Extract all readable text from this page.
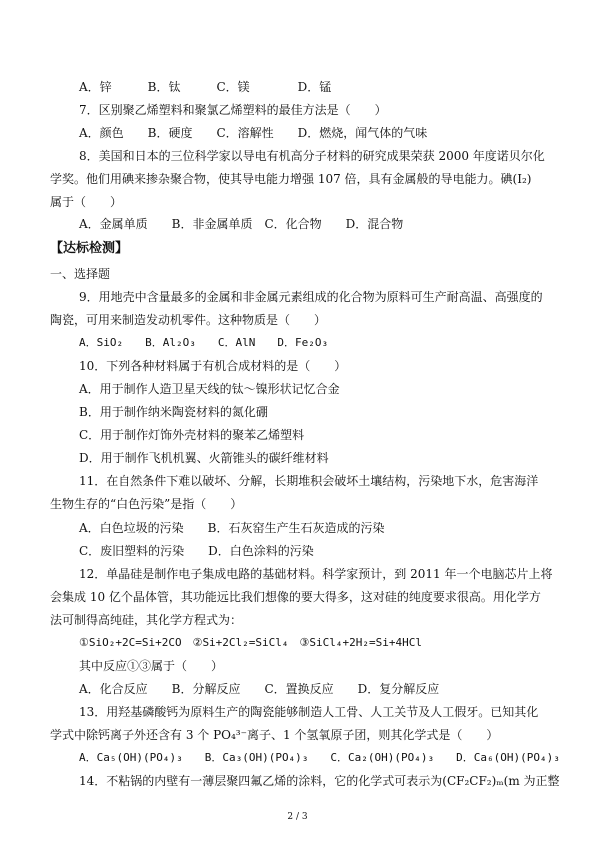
A．锌　　　B．钛　　　C．镁　　　　D．锰
7．区别聚乙烯塑料和聚氯乙烯塑料的最佳方法是（　　）
A．颜色　　B．硬度　　C．溶解性　　D．燃烧，闻气体的气味
8．美国和日本的三位科学家以导电有机高分子材料的研究成果荣获 2000 年度诺贝尔化
学奖。他们用碘来掺杂聚合物，使其导电能力增强 107 倍，具有金属般的导电能力。碘(I₂)
属于（　　）
A．金属单质　　B．非金属单质　C．化合物　　D．混合物
【达标检测】
一、选择题
9．用地壳中含量最多的金属和非金属元素组成的化合物为原料可生产耐高温、高强度的
陶瓷，可用来制造发动机零件。这种物质是（　　）
A．SiO₂　　B．Al₂O₃　　C．AlN　　D．Fe₂O₃
10．下列各种材料属于有机合成材料的是（　　）
A．用于制作人造卫星天线的钛～镍形状记忆合金
B．用于制作纳米陶瓷材料的氮化硼
C．用于制作灯饰外壳材料的聚苯乙烯塑料
D．用于制作飞机机翼、火箭锥头的碳纤维材料
11．在自然条件下难以破坏、分解，长期堆积会破坏土壤结构，污染地下水，危害海洋
生物生存的“白色污染”是指（　　）
A．白色垃圾的污染　　B．石灰窑生产生石灰造成的污染
C．废旧塑料的污染　　D．白色涂料的污染
12．单晶硅是制作电子集成电路的基础材料。科学家预计，到 2011 年一个电脑芯片上将
会集成 10 亿个晶体管，其功能远比我们想像的要大得多，这对硅的纯度要求很高。用化学方
法可制得高纯硅，其化学方程式为：
①SiO₂+2C=Si+2CO　②Si+2Cl₂=SiCl₄　③SiCl₄+2H₂=Si+4HCl
其中反应①③属于（　　）
A．化合反应　　B．分解反应　　C．置换反应　　D．复分解反应
13．用羟基磷酸钙为原料生产的陶瓷能够制造人工骨、人工关节及人工假牙。已知其化
学式中除钙离子外还含有 3 个 PO₄³⁻离子、1 个氢氧原子团，则其化学式是（　　）
A．Ca₅(OH)(PO₄)₃　　B．Ca₃(OH)(PO₄)₃　　C．Ca₂(OH)(PO₄)₃　　D．Ca₆(OH)(PO₄)₃
14．不粘锅的内壁有一薄层聚四氟乙烯的涂料，它的化学式可表示为(CF₂CF₂)ₘ(m 为正整
2 / 3
